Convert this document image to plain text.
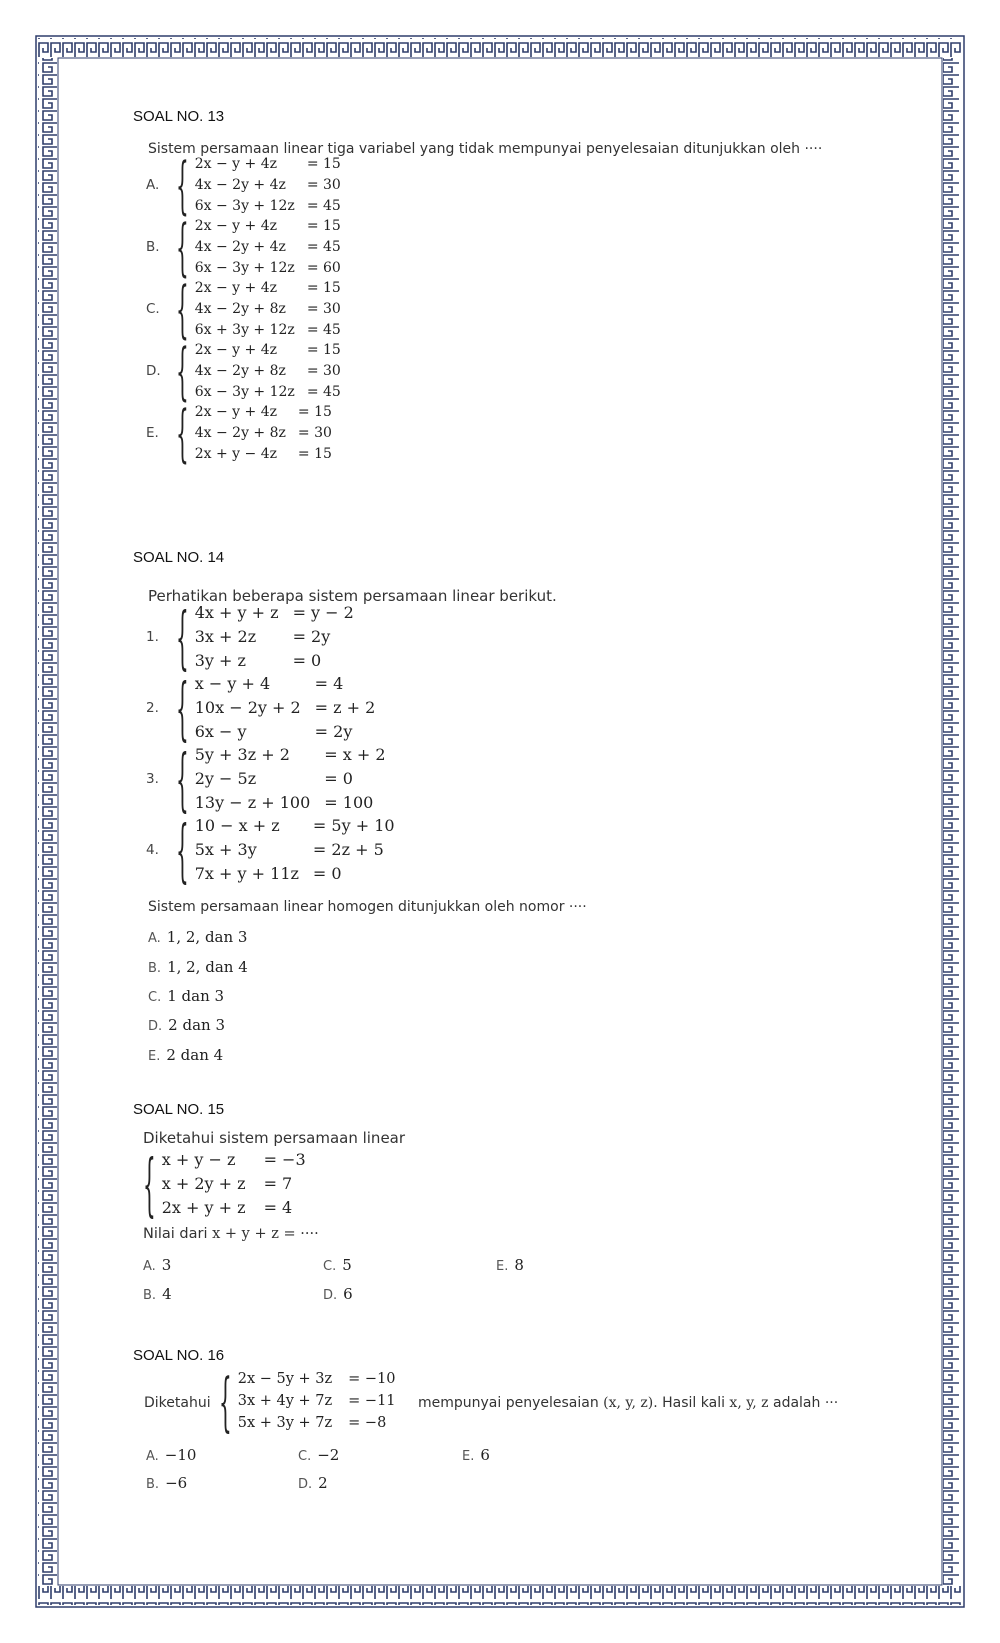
SOAL NO. 13
Sistem persamaan linear tiga variabel yang tidak mempunyai penyelesaian ditunjukkan oleh ····
A. { 2x − y + 4z	= 15
4x − 2y + 4z	= 30
6x − 3y + 12z	= 45
B. { 2x − y + 4z	= 15
4x − 2y + 4z	= 45
6x − 3y + 12z	= 60
C. { 2x − y + 4z	= 15
4x − 2y + 8z	= 30
6x + 3y + 12z	= 45
D. { 2x − y + 4z	= 15
4x − 2y + 8z	= 30
6x − 3y + 12z	= 45
E. { 2x − y + 4z	= 15
4x − 2y + 8z	= 30
2x + y − 4z	= 15
SOAL NO. 14
Perhatikan beberapa sistem persamaan linear berikut.
1. { 4x + y + z	= y − 2
3x + 2z	= 2y
3y + z	= 0
2. { x − y + 4	= 4
10x − 2y + 2	= z + 2
6x − y	= 2y
3. { 5y + 3z + 2	= x + 2
2y − 5z	= 0
13y − z + 100	= 100
4. { 10 − x + z	= 5y + 10
5x + 3y	= 2z + 5
7x + y + 11z	= 0
Sistem persamaan linear homogen ditunjukkan oleh nomor ····
A. 1, 2, dan 3
B. 1, 2, dan 4
C. 1 dan 3
D. 2 dan 3
E. 2 dan 4
SOAL NO. 15
Diketahui sistem persamaan linear
{ x + y − z	= −3
x + 2y + z	= 7
2x + y + z	= 4
Nilai dari x + y + z = ····
A. 3
B. 4
C. 5
D. 6
E. 8
SOAL NO. 16
Diketahui { 2x − 5y + 3z	= −10
3x + 4y + 7z	= −11
5x + 3y + 7z	= −8
mempunyai penyelesaian (x, y, z). Hasil kali x, y, z adalah ···
A. −10
B. −6
C. −2
D. 2
E. 6
